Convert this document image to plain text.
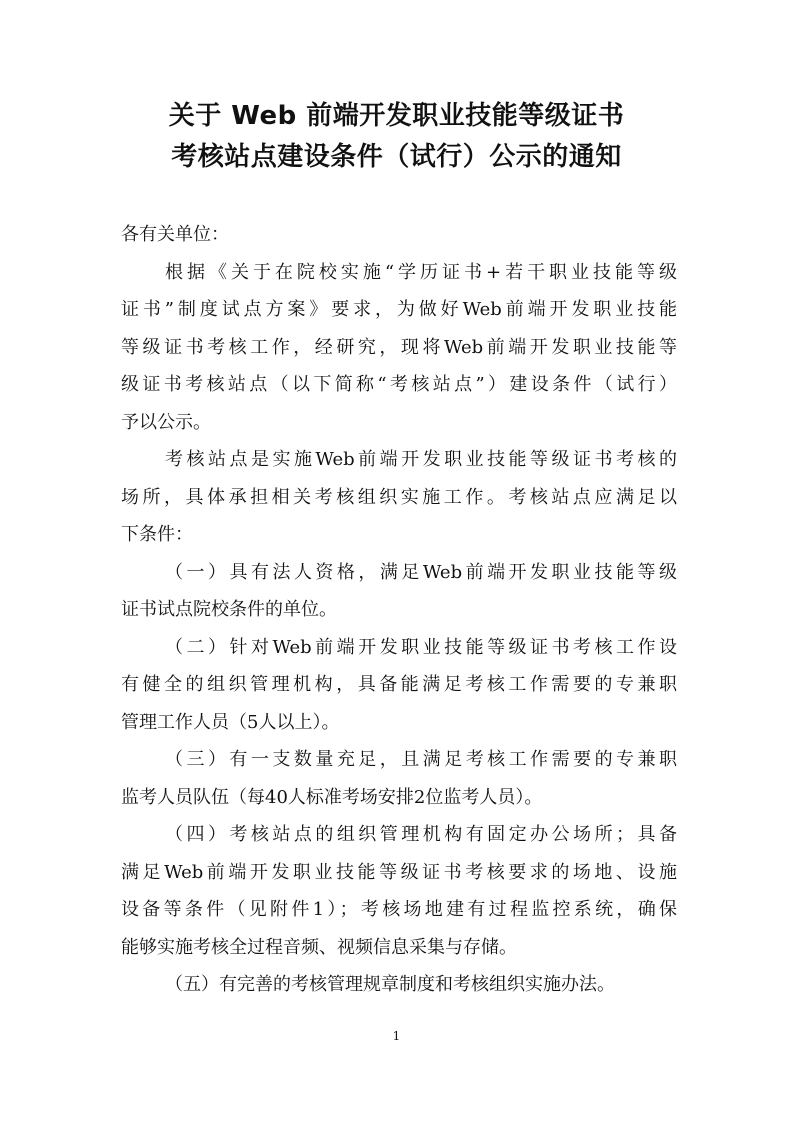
关于 Web 前端开发职业技能等级证书
考核站点建设条件（试行）公示的通知
各有关单位：
根据《关于在院校实施“学历证书+若干职业技能等级
证书”制度试点方案》要求，为做好Web前端开发职业技能
等级证书考核工作，经研究，现将Web前端开发职业技能等
级证书考核站点（以下简称“考核站点”）建设条件（试行）
予以公示。
考核站点是实施Web前端开发职业技能等级证书考核的
场所，具体承担相关考核组织实施工作。考核站点应满足以
下条件：
（一）具有法人资格，满足Web前端开发职业技能等级
证书试点院校条件的单位。
（二）针对Web前端开发职业技能等级证书考核工作设
有健全的组织管理机构，具备能满足考核工作需要的专兼职
管理工作人员（5人以上）。
（三）有一支数量充足，且满足考核工作需要的专兼职
监考人员队伍（每40人标准考场安排2位监考人员）。
（四）考核站点的组织管理机构有固定办公场所；具备
满足Web前端开发职业技能等级证书考核要求的场地、设施
设备等条件（见附件1）；考核场地建有过程监控系统，确保
能够实施考核全过程音频、视频信息采集与存储。
（五）有完善的考核管理规章制度和考核组织实施办法。
1
